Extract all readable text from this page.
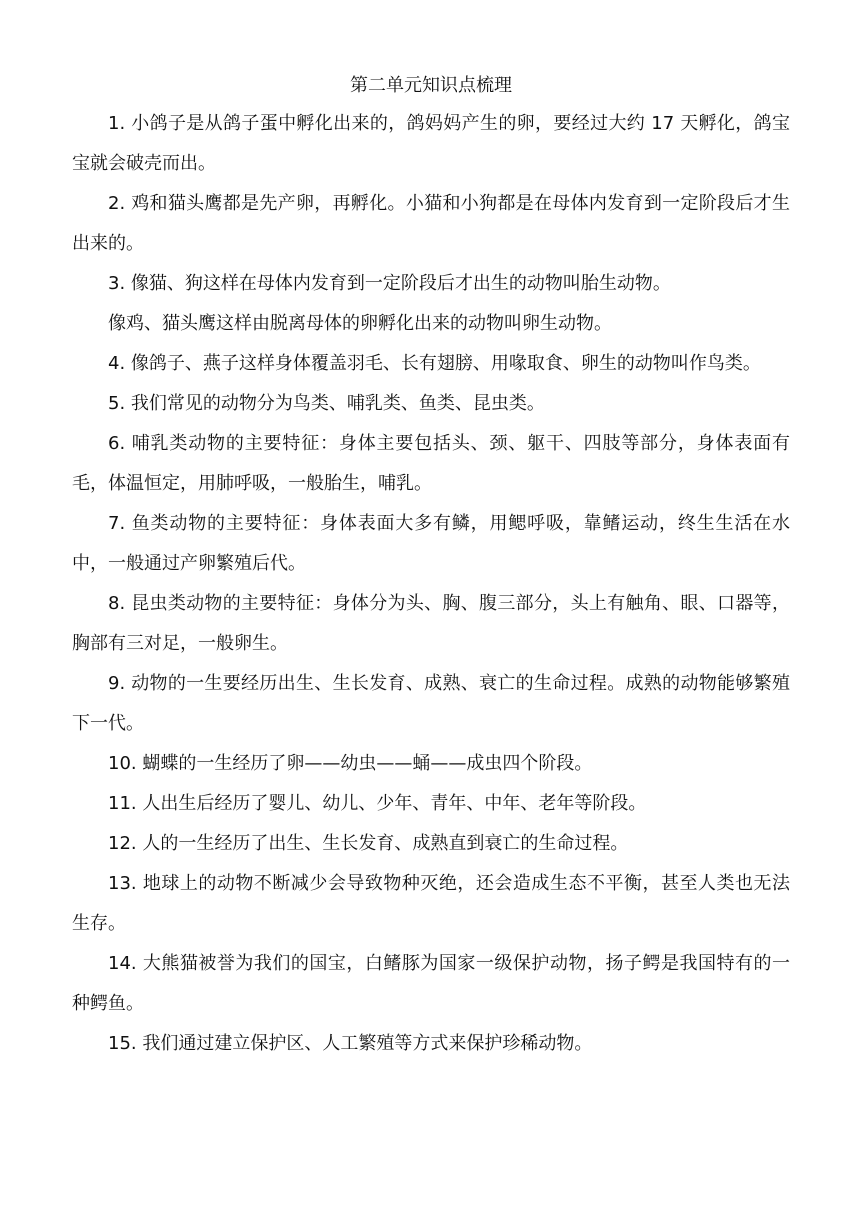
第二单元知识点梳理

1. 小鸽子是从鸽子蛋中孵化出来的，鸽妈妈产生的卵，要经过大约 17 天孵化，鸽宝宝就会破壳而出。

2. 鸡和猫头鹰都是先产卵，再孵化。小猫和小狗都是在母体内发育到一定阶段后才生出来的。

3. 像猫、狗这样在母体内发育到一定阶段后才出生的动物叫胎生动物。

像鸡、猫头鹰这样由脱离母体的卵孵化出来的动物叫卵生动物。

4. 像鸽子、燕子这样身体覆盖羽毛、长有翅膀、用喙取食、卵生的动物叫作鸟类。

5. 我们常见的动物分为鸟类、哺乳类、鱼类、昆虫类。

6. 哺乳类动物的主要特征：身体主要包括头、颈、躯干、四肢等部分，身体表面有毛，体温恒定，用肺呼吸，一般胎生，哺乳。

7. 鱼类动物的主要特征：身体表面大多有鳞，用鳃呼吸，靠鳍运动，终生生活在水中，一般通过产卵繁殖后代。

8. 昆虫类动物的主要特征：身体分为头、胸、腹三部分，头上有触角、眼、口器等，胸部有三对足，一般卵生。

9. 动物的一生要经历出生、生长发育、成熟、衰亡的生命过程。成熟的动物能够繁殖下一代。

10. 蝴蝶的一生经历了卵——幼虫——蛹——成虫四个阶段。

11. 人出生后经历了婴儿、幼儿、少年、青年、中年、老年等阶段。

12. 人的一生经历了出生、生长发育、成熟直到衰亡的生命过程。

13. 地球上的动物不断减少会导致物种灭绝，还会造成生态不平衡，甚至人类也无法生存。

14. 大熊猫被誉为我们的国宝，白鳍豚为国家一级保护动物，扬子鳄是我国特有的一种鳄鱼。

15. 我们通过建立保护区、人工繁殖等方式来保护珍稀动物。
